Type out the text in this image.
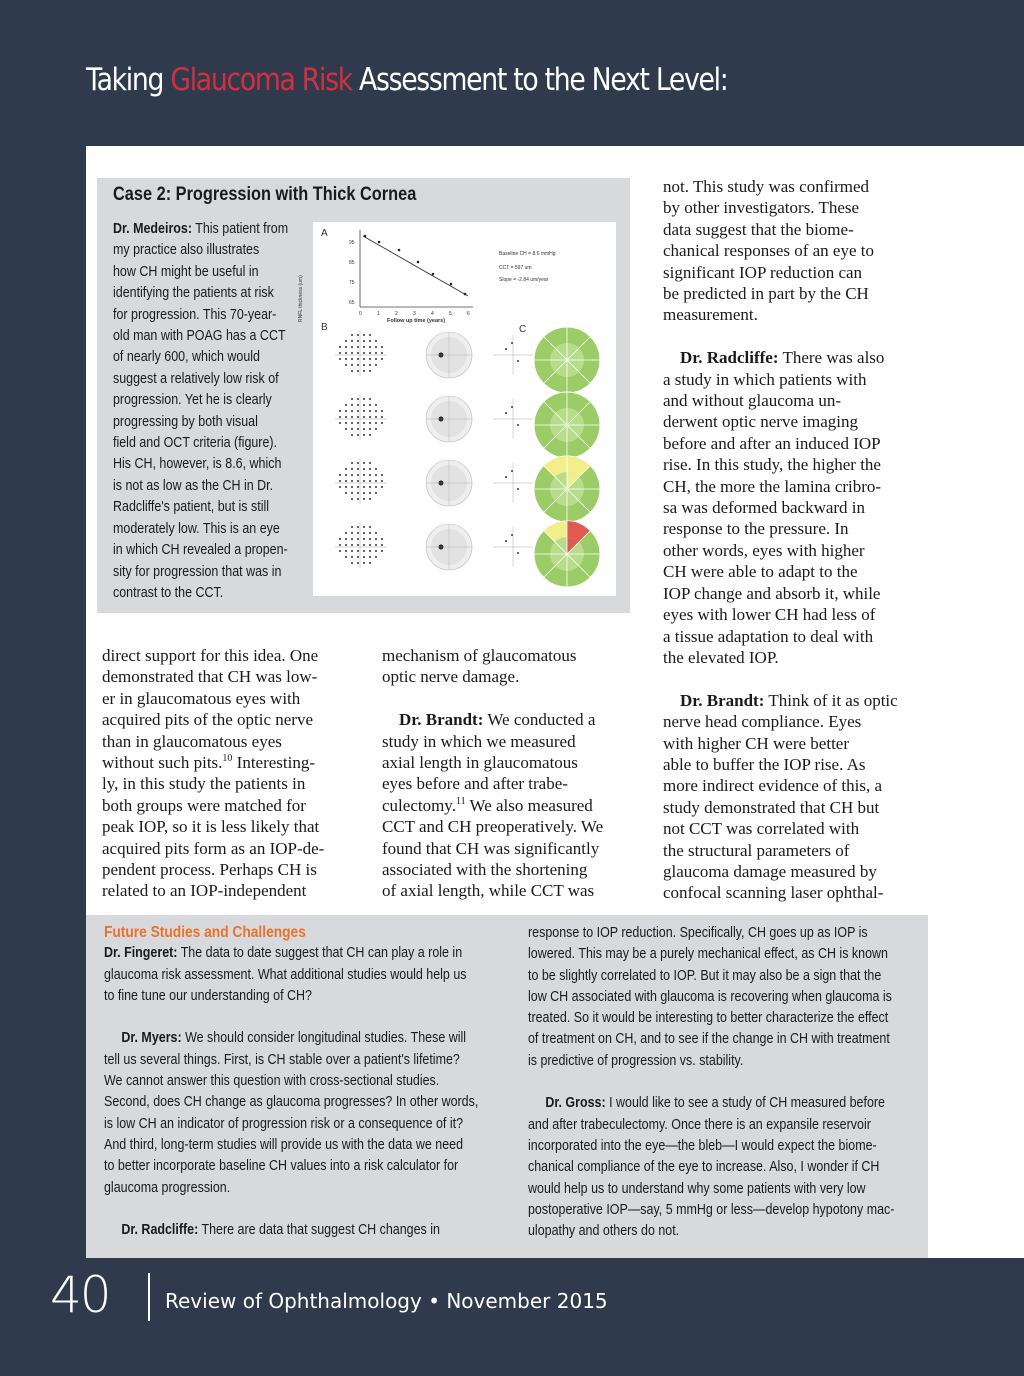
Taking Glaucoma Risk Assessment to the Next Level:
Case 2: Progression with Thick Cornea
Dr. Medeiros: This patient from
my practice also illustrates
how CH might be useful in
identifying the patients at risk
for progression. This 70-year-
old man with POAG has a CCT
of nearly 600, which would
suggest a relatively low risk of
progression. Yet he is clearly
progressing by both visual
field and OCT criteria (figure).
His CH, however, is 8.6, which
is not as low as the CH in Dr.
Radcliffe's patient, but is still
moderately low. This is an eye
in which CH revealed a propen-
sity for progression that was in
contrast to the CCT.
A
RNFL thickness (um)
95
85
75
65
0	1	2	3	4	5	6
Follow up time (years)
Baseline CH = 8.6 mmHg
CCT = 597 um
Slope = -2.84 um/year
B	C
direct support for this idea. One
demonstrated that CH was low-
er in glaucomatous eyes with
acquired pits of the optic nerve
than in glaucomatous eyes
without such pits.$^{10}$ Interesting-
ly, in this study the patients in
both groups were matched for
peak IOP, so it is less likely that
acquired pits form as an IOP-de-
pendent process. Perhaps CH is
related to an IOP-independent
mechanism of glaucomatous
optic nerve damage.
Dr. Brandt: We conducted a
study in which we measured
axial length in glaucomatous
eyes before and after trabe-
culectomy.$^{11}$ We also measured
CCT and CH preoperatively. We
found that CH was significantly
associated with the shortening
of axial length, while CCT was
not. This study was confirmed
by other investigators. These
data suggest that the biome-
chanical responses of an eye to
significant IOP reduction can
be predicted in part by the CH
measurement.
Dr. Radcliffe: There was also
a study in which patients with
and without glaucoma un-
derwent optic nerve imaging
before and after an induced IOP
rise. In this study, the higher the
CH, the more the lamina cribro-
sa was deformed backward in
response to the pressure. In
other words, eyes with higher
CH were able to adapt to the
IOP change and absorb it, while
eyes with lower CH had less of
a tissue adaptation to deal with
the elevated IOP.
Dr. Brandt: Think of it as optic
nerve head compliance. Eyes
with higher CH were better
able to buffer the IOP rise. As
more indirect evidence of this, a
study demonstrated that CH but
not CCT was correlated with
the structural parameters of
glaucoma damage measured by
confocal scanning laser ophthal-
Future Studies and Challenges
Dr. Fingeret: The data to date suggest that CH can play a role in
glaucoma risk assessment. What additional studies would help us
to fine tune our understanding of CH?
Dr. Myers: We should consider longitudinal studies. These will
tell us several things. First, is CH stable over a patient's lifetime?
We cannot answer this question with cross-sectional studies.
Second, does CH change as glaucoma progresses? In other words,
is low CH an indicator of progression risk or a consequence of it?
And third, long-term studies will provide us with the data we need
to better incorporate baseline CH values into a risk calculator for
glaucoma progression.
Dr. Radcliffe: There are data that suggest CH changes in
response to IOP reduction. Specifically, CH goes up as IOP is
lowered. This may be a purely mechanical effect, as CH is known
to be slightly correlated to IOP. But it may also be a sign that the
low CH associated with glaucoma is recovering when glaucoma is
treated. So it would be interesting to better characterize the effect
of treatment on CH, and to see if the change in CH with treatment
is predictive of progression vs. stability.
Dr. Gross: I would like to see a study of CH measured before
and after trabeculectomy. Once there is an expansile reservoir
incorporated into the eye—the bleb—I would expect the biome-
chanical compliance of the eye to increase. Also, I wonder if CH
would help us to understand why some patients with very low
postoperative IOP—say, 5 mmHg or less—develop hypotony mac-
ulopathy and others do not.
40	Review of Ophthalmology • November 2015
